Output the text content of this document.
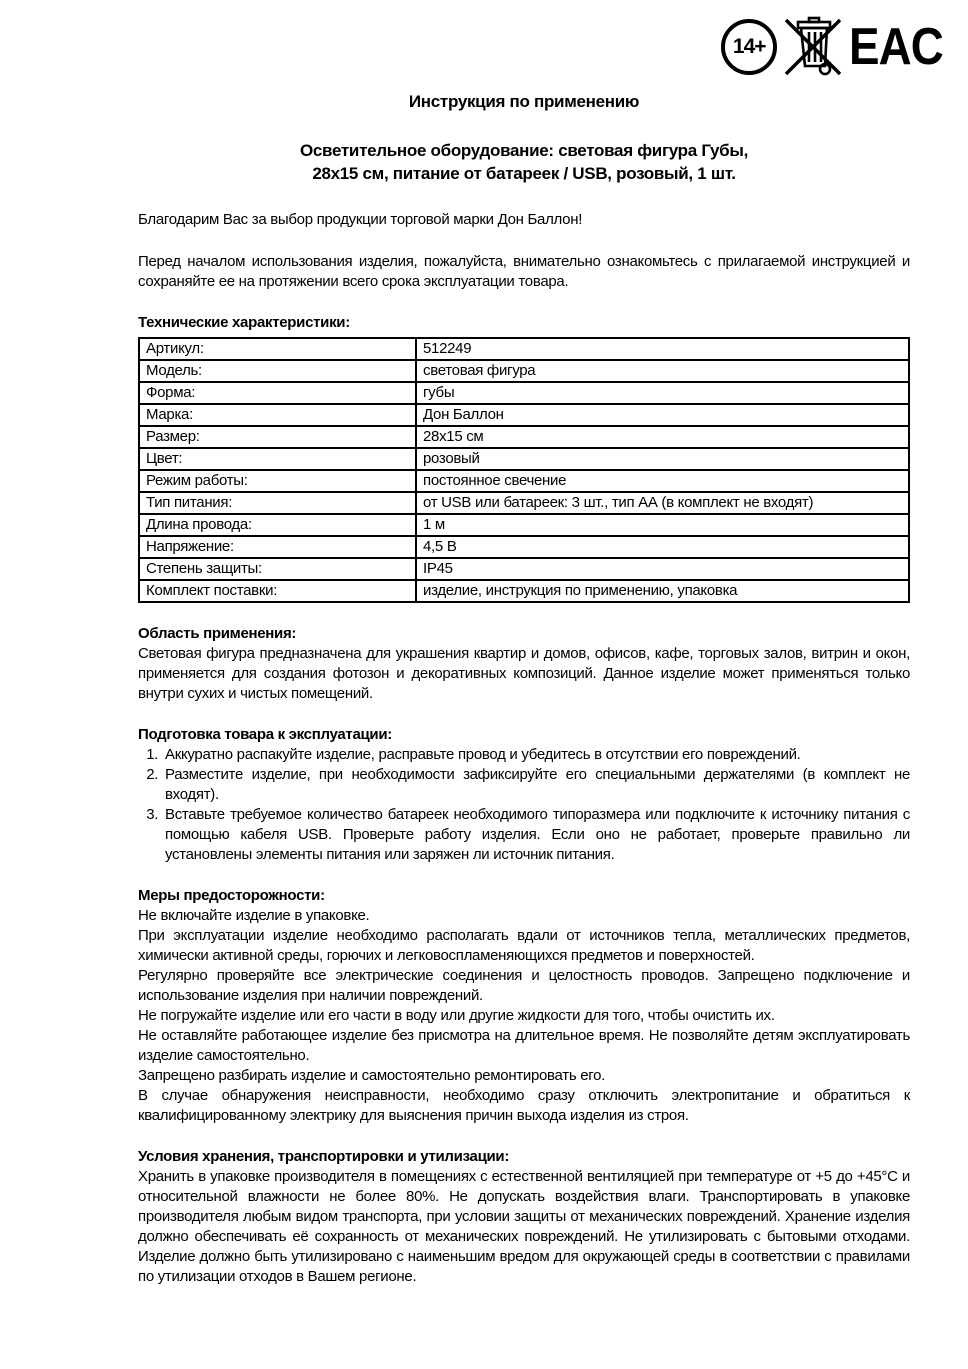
14+ EAC
Инструкция по применению
Осветительное оборудование: световая фигура Губы,
28х15 см, питание от батареек / USB, розовый, 1 шт.

Благодарим Вас за выбор продукции торговой марки Дон Баллон!

Перед началом использования изделия, пожалуйста, внимательно ознакомьтесь с прилагаемой инструкцией и сохраняйте ее на протяжении всего срока эксплуатации товара.

Технические характеристики:
Артикул:	512249
Модель:	световая фигура
Форма:	губы
Марка:	Дон Баллон
Размер:	28х15 см
Цвет:	розовый
Режим работы:	постоянное свечение
Тип питания:	от USB или батареек: 3 шт., тип АА (в комплект не входят)
Длина провода:	1 м
Напряжение:	4,5 В
Степень защиты:	IP45
Комплект поставки:	изделие, инструкция по применению, упаковка
Область применения:

Световая фигура предназначена для украшения квартир и домов, офисов, кафе, торговых залов, витрин и окон, применяется для создания фотозон и декоративных композиций. Данное изделие может применяться только внутри сухих и чистых помещений.

Подготовка товара к эксплуатации:
1. Аккуратно распакуйте изделие, расправьте провод и убедитесь в отсутствии его повреждений.
2. Разместите изделие, при необходимости зафиксируйте его специальными держателями (в комплект не входят).
3. Вставьте требуемое количество батареек необходимого типоразмера или подключите к источнику питания с помощью кабеля USB. Проверьте работу изделия. Если оно не работает, проверьте правильно ли установлены элементы питания или заряжен ли источник питания.
Меры предосторожности:

Не включайте изделие в упаковке.

При эксплуатации изделие необходимо располагать вдали от источников тепла, металлических предметов, химически активной среды, горючих и легковоспламеняющихся предметов и поверхностей.

Регулярно проверяйте все электрические соединения и целостность проводов. Запрещено подключение и использование изделия при наличии повреждений.

Не погружайте изделие или его части в воду или другие жидкости для того, чтобы очистить их.

Не оставляйте работающее изделие без присмотра на длительное время. Не позволяйте детям эксплуатировать изделие самостоятельно.

Запрещено разбирать изделие и самостоятельно ремонтировать его.

В случае обнаружения неисправности, необходимо сразу отключить электропитание и обратиться к квалифицированному электрику для выяснения причин выхода изделия из строя.

Условия хранения, транспортировки и утилизации:

Хранить в упаковке производителя в помещениях с естественной вентиляцией при температуре от +5 до +45°С и относительной влажности не более 80%. Не допускать воздействия влаги. Транспортировать в упаковке производителя любым видом транспорта, при условии защиты от механических повреждений. Хранение изделия должно обеспечивать её сохранность от механических повреждений. Не утилизировать с бытовыми отходами. Изделие должно быть утилизировано с наименьшим вредом для окружающей среды в соответствии с правилами по утилизации отходов в Вашем регионе.
